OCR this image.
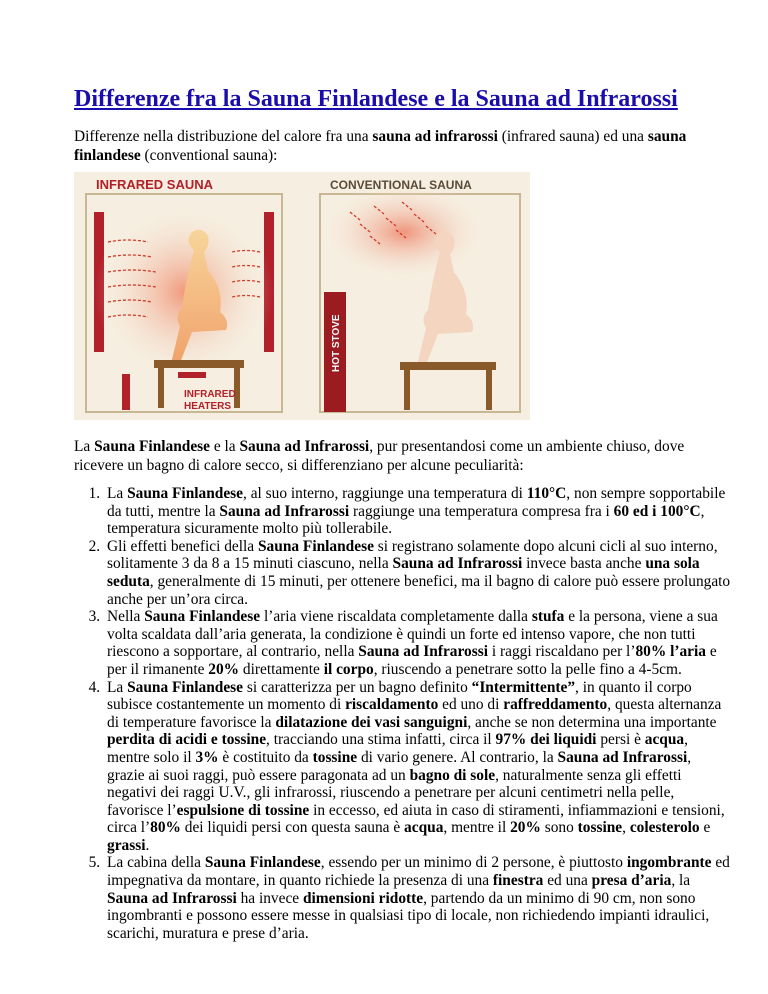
Differenze fra la Sauna Finlandese e la Sauna ad Infrarossi

Differenze nella distribuzione del calore fra una sauna ad infrarossi (infrared sauna) ed una sauna finlandese (conventional sauna):

INFRARED SAUNA	CONVENTIONAL SAUNA
HOT STOVE
INFRARED
HEATERS

La Sauna Finlandese e la Sauna ad Infrarossi, pur presentandosi come un ambiente chiuso, dove ricevere un bagno di calore secco, si differenziano per alcune peculiarità:

1. La Sauna Finlandese, al suo interno, raggiunge una temperatura di 110°C, non sempre sopportabile da tutti, mentre la Sauna ad Infrarossi raggiunge una temperatura compresa fra i 60 ed i 100°C, temperatura sicuramente molto più tollerabile.
2. Gli effetti benefici della Sauna Finlandese si registrano solamente dopo alcuni cicli al suo interno, solitamente 3 da 8 a 15 minuti ciascuno, nella Sauna ad Infrarossi invece basta anche una sola seduta, generalmente di 15 minuti, per ottenere benefici, ma il bagno di calore può essere prolungato anche per un’ora circa.
3. Nella Sauna Finlandese l’aria viene riscaldata completamente dalla stufa e la persona, viene a sua volta scaldata dall’aria generata, la condizione è quindi un forte ed intenso vapore, che non tutti riescono a sopportare, al contrario, nella Sauna ad Infrarossi i raggi riscaldano per l’80% l’aria e per il rimanente 20% direttamente il corpo, riuscendo a penetrare sotto la pelle fino a 4-5cm.
4. La Sauna Finlandese si caratterizza per un bagno definito “Intermittente”, in quanto il corpo subisce costantemente un momento di riscaldamento ed uno di raffreddamento, questa alternanza di temperature favorisce la dilatazione dei vasi sanguigni, anche se non determina una importante perdita di acidi e tossine, tracciando una stima infatti, circa il 97% dei liquidi persi è acqua, mentre solo il 3% è costituito da tossine di vario genere. Al contrario, la Sauna ad Infrarossi, grazie ai suoi raggi, può essere paragonata ad un bagno di sole, naturalmente senza gli effetti negativi dei raggi U.V., gli infrarossi, riuscendo a penetrare per alcuni centimetri nella pelle, favorisce l’espulsione di tossine in eccesso, ed aiuta in caso di stiramenti, infiammazioni e tensioni, circa l’80% dei liquidi persi con questa sauna è acqua, mentre il 20% sono tossine, colesterolo e grassi.
5. La cabina della Sauna Finlandese, essendo per un minimo di 2 persone, è piuttosto ingombrante ed impegnativa da montare, in quanto richiede la presenza di una finestra ed una presa d’aria, la Sauna ad Infrarossi ha invece dimensioni ridotte, partendo da un minimo di 90 cm, non sono ingombranti e possono essere messe in qualsiasi tipo di locale, non richiedendo impianti idraulici, scarichi, muratura e prese d’aria.
